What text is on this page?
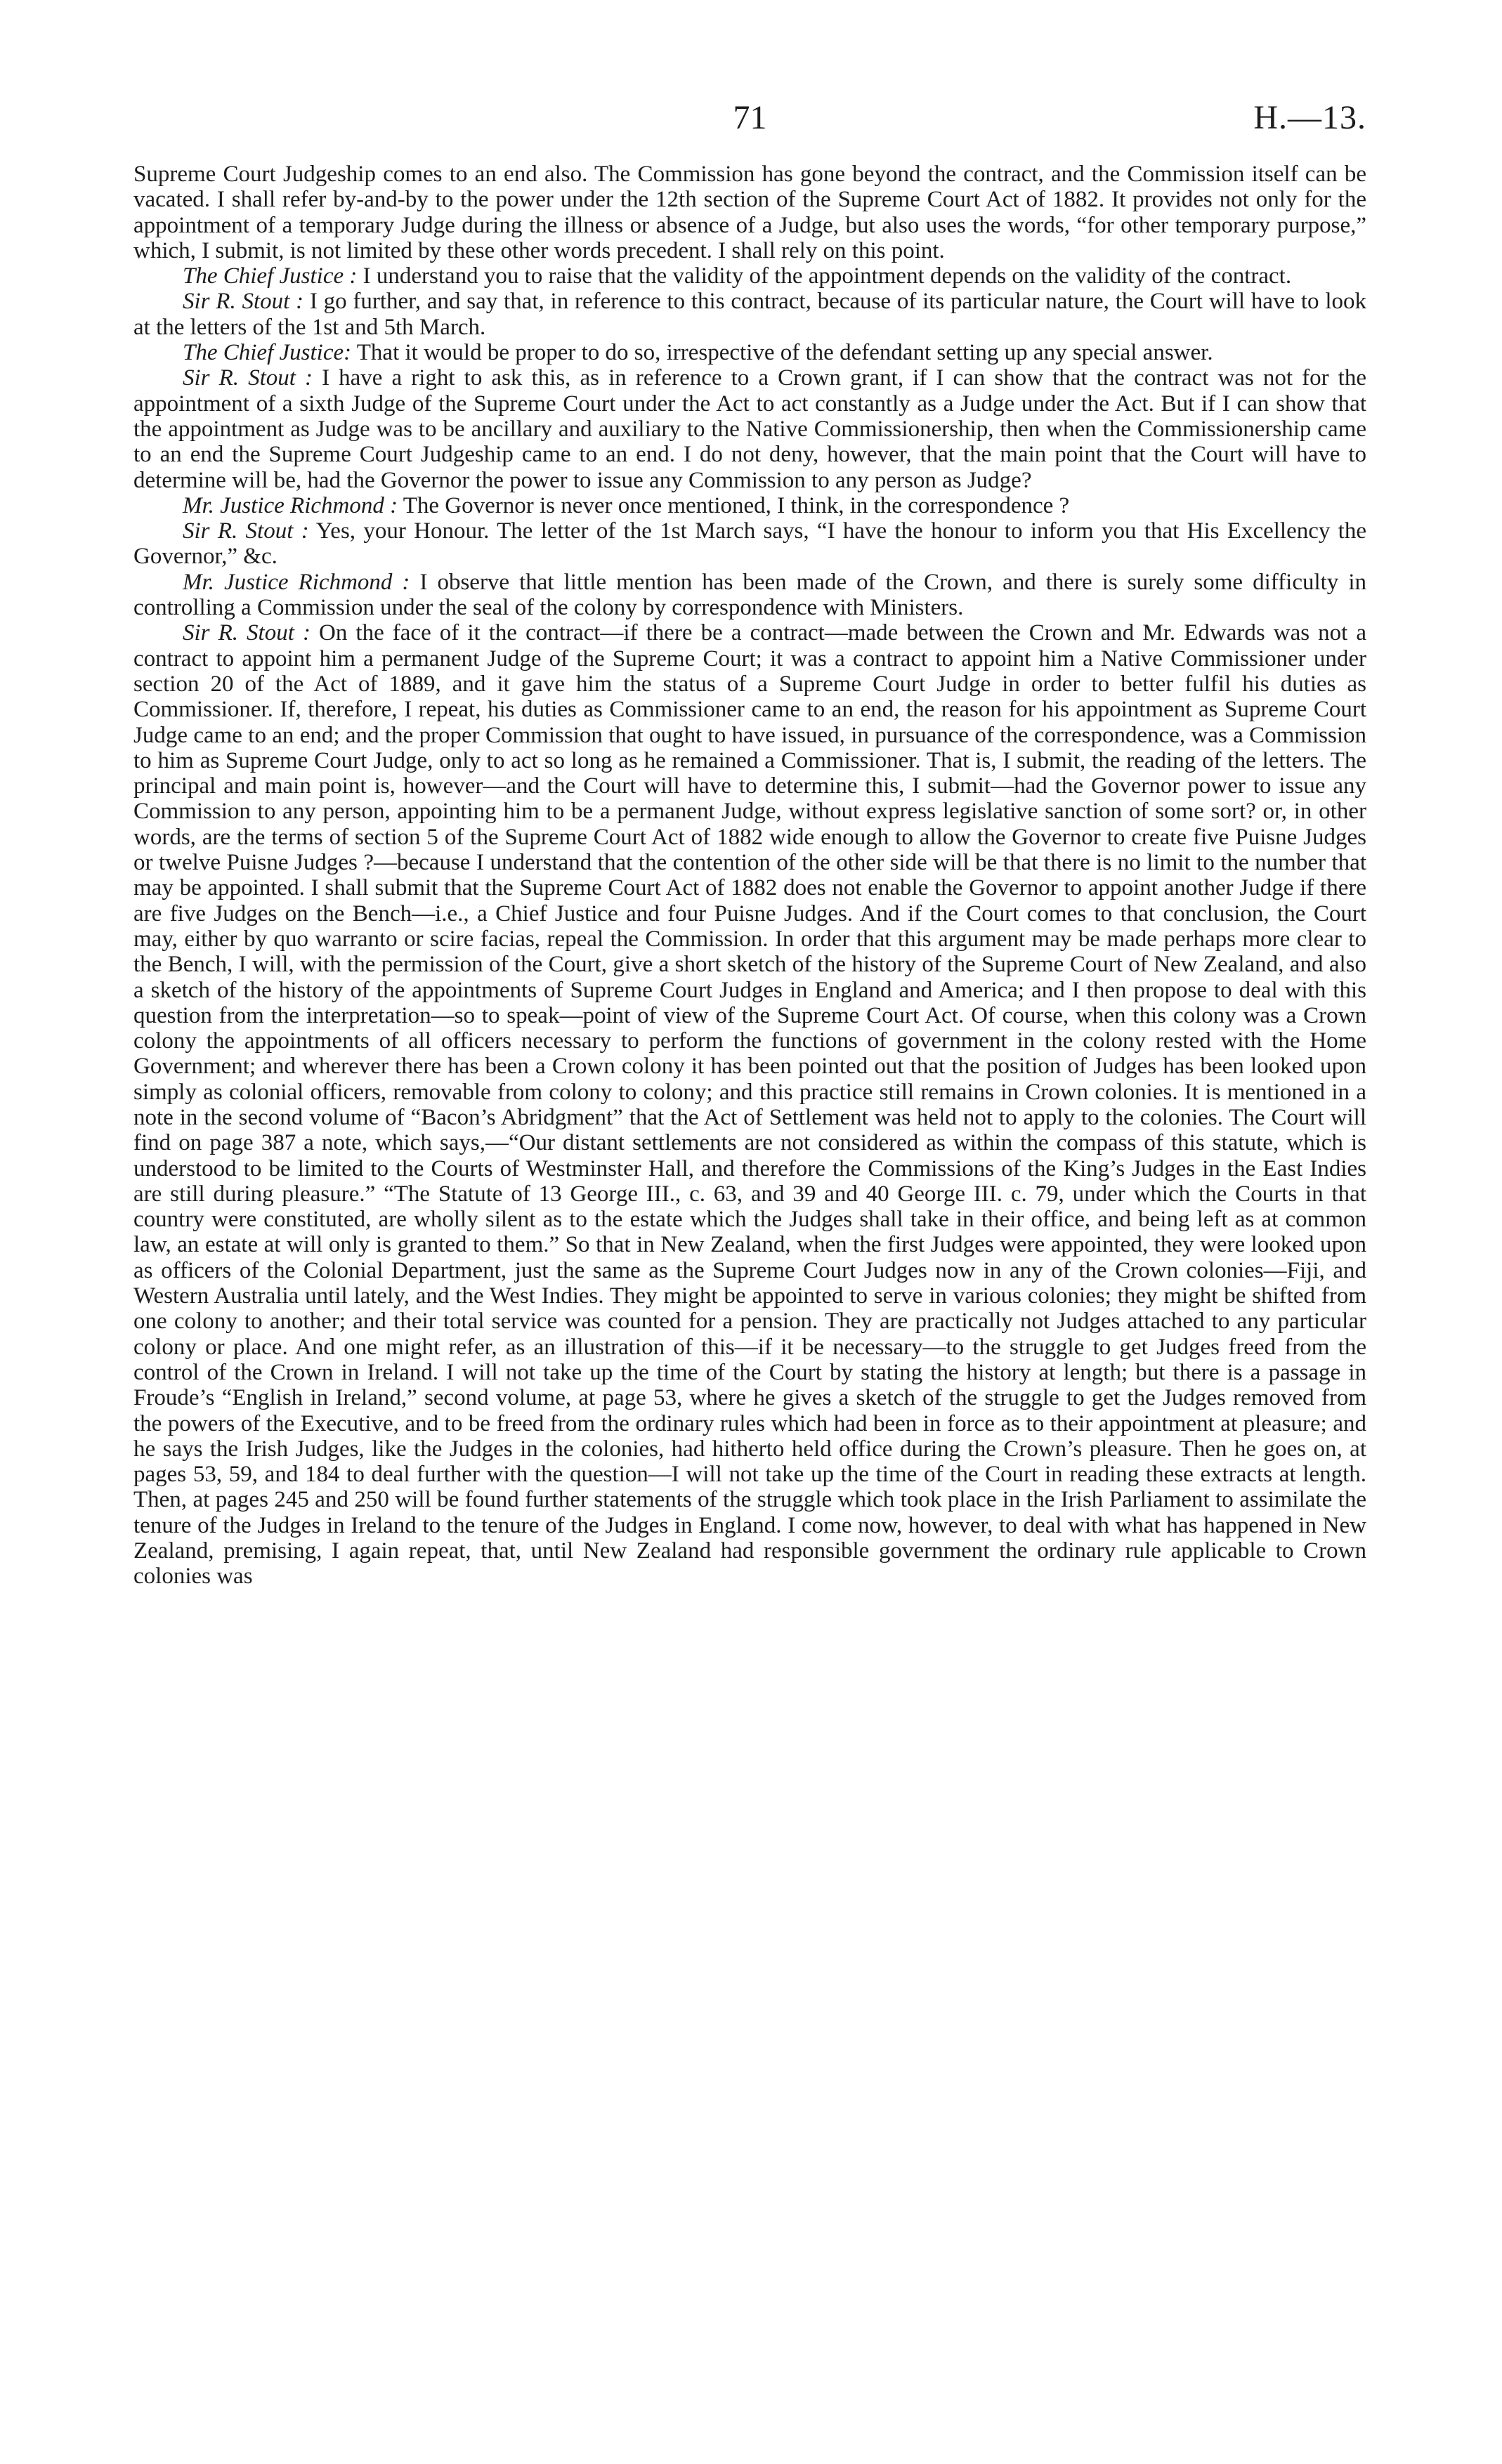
71	H.—13.

Supreme Court Judgeship comes to an end also. The Commission has gone beyond the contract, and the Commission itself can be vacated. I shall refer by-and-by to the power under the 12th section of the Supreme Court Act of 1882. It provides not only for the appointment of a temporary Judge during the illness or absence of a Judge, but also uses the words, “for other temporary purpose,” which, I submit, is not limited by these other words precedent. I shall rely on this point.

The Chief Justice : I understand you to raise that the validity of the appointment depends on the validity of the contract.

Sir R. Stout : I go further, and say that, in reference to this contract, because of its particular nature, the Court will have to look at the letters of the 1st and 5th March.

The Chief Justice: That it would be proper to do so, irrespective of the defendant setting up any special answer.

Sir R. Stout : I have a right to ask this, as in reference to a Crown grant, if I can show that the contract was not for the appointment of a sixth Judge of the Supreme Court under the Act to act constantly as a Judge under the Act. But if I can show that the appointment as Judge was to be ancillary and auxiliary to the Native Commissionership, then when the Commissionership came to an end the Supreme Court Judgeship came to an end. I do not deny, however, that the main point that the Court will have to determine will be, had the Governor the power to issue any Commission to any person as Judge?

Mr. Justice Richmond : The Governor is never once mentioned, I think, in the correspondence ?

Sir R. Stout : Yes, your Honour. The letter of the 1st March says, “I have the honour to inform you that His Excellency the Governor,” &c.

Mr. Justice Richmond : I observe that little mention has been made of the Crown, and there is surely some difficulty in controlling a Commission under the seal of the colony by correspondence with Ministers.

Sir R. Stout : On the face of it the contract—if there be a contract—made between the Crown and Mr. Edwards was not a contract to appoint him a permanent Judge of the Supreme Court; it was a contract to appoint him a Native Commissioner under section 20 of the Act of 1889, and it gave him the status of a Supreme Court Judge in order to better fulfil his duties as Commissioner. If, therefore, I repeat, his duties as Commissioner came to an end, the reason for his appointment as Supreme Court Judge came to an end; and the proper Commission that ought to have issued, in pursuance of the correspondence, was a Commission to him as Supreme Court Judge, only to act so long as he remained a Commissioner. That is, I submit, the reading of the letters. The principal and main point is, however—and the Court will have to determine this, I submit—had the Governor power to issue any Commission to any person, appointing him to be a permanent Judge, without express legislative sanction of some sort? or, in other words, are the terms of section 5 of the Supreme Court Act of 1882 wide enough to allow the Governor to create five Puisne Judges or twelve Puisne Judges ?—because I understand that the contention of the other side will be that there is no limit to the number that may be appointed. I shall submit that the Supreme Court Act of 1882 does not enable the Governor to appoint another Judge if there are five Judges on the Bench—i.e., a Chief Justice and four Puisne Judges. And if the Court comes to that conclusion, the Court may, either by quo warranto or scire facias, repeal the Commission. In order that this argument may be made perhaps more clear to the Bench, I will, with the permission of the Court, give a short sketch of the history of the Supreme Court of New Zealand, and also a sketch of the history of the appointments of Supreme Court Judges in England and America; and I then propose to deal with this question from the interpretation—so to speak—point of view of the Supreme Court Act. Of course, when this colony was a Crown colony the appointments of all officers necessary to perform the functions of government in the colony rested with the Home Government; and wherever there has been a Crown colony it has been pointed out that the position of Judges has been looked upon simply as colonial officers, removable from colony to colony; and this practice still remains in Crown colonies. It is mentioned in a note in the second volume of “Bacon’s Abridgment” that the Act of Settlement was held not to apply to the colonies. The Court will find on page 387 a note, which says,—“Our distant settlements are not considered as within the compass of this statute, which is understood to be limited to the Courts of Westminster Hall, and therefore the Commissions of the King’s Judges in the East Indies are still during pleasure.” “The Statute of 13 George III., c. 63, and 39 and 40 George III. c. 79, under which the Courts in that country were constituted, are wholly silent as to the estate which the Judges shall take in their office, and being left as at common law, an estate at will only is granted to them.” So that in New Zealand, when the first Judges were appointed, they were looked upon as officers of the Colonial Department, just the same as the Supreme Court Judges now in any of the Crown colonies—Fiji, and Western Australia until lately, and the West Indies. They might be appointed to serve in various colonies; they might be shifted from one colony to another; and their total service was counted for a pension. They are practically not Judges attached to any particular colony or place. And one might refer, as an illustration of this—if it be necessary—to the struggle to get Judges freed from the control of the Crown in Ireland. I will not take up the time of the Court by stating the history at length; but there is a passage in Froude’s “English in Ireland,” second volume, at page 53, where he gives a sketch of the struggle to get the Judges removed from the powers of the Executive, and to be freed from the ordinary rules which had been in force as to their appointment at pleasure; and he says the Irish Judges, like the Judges in the colonies, had hitherto held office during the Crown’s pleasure. Then he goes on, at pages 53, 59, and 184 to deal further with the question—I will not take up the time of the Court in reading these extracts at length. Then, at pages 245 and 250 will be found further statements of the struggle which took place in the Irish Parliament to assimilate the tenure of the Judges in Ireland to the tenure of the Judges in England. I come now, however, to deal with what has happened in New Zealand, premising, I again repeat, that, until New Zealand had responsible government the ordinary rule applicable to Crown colonies was
